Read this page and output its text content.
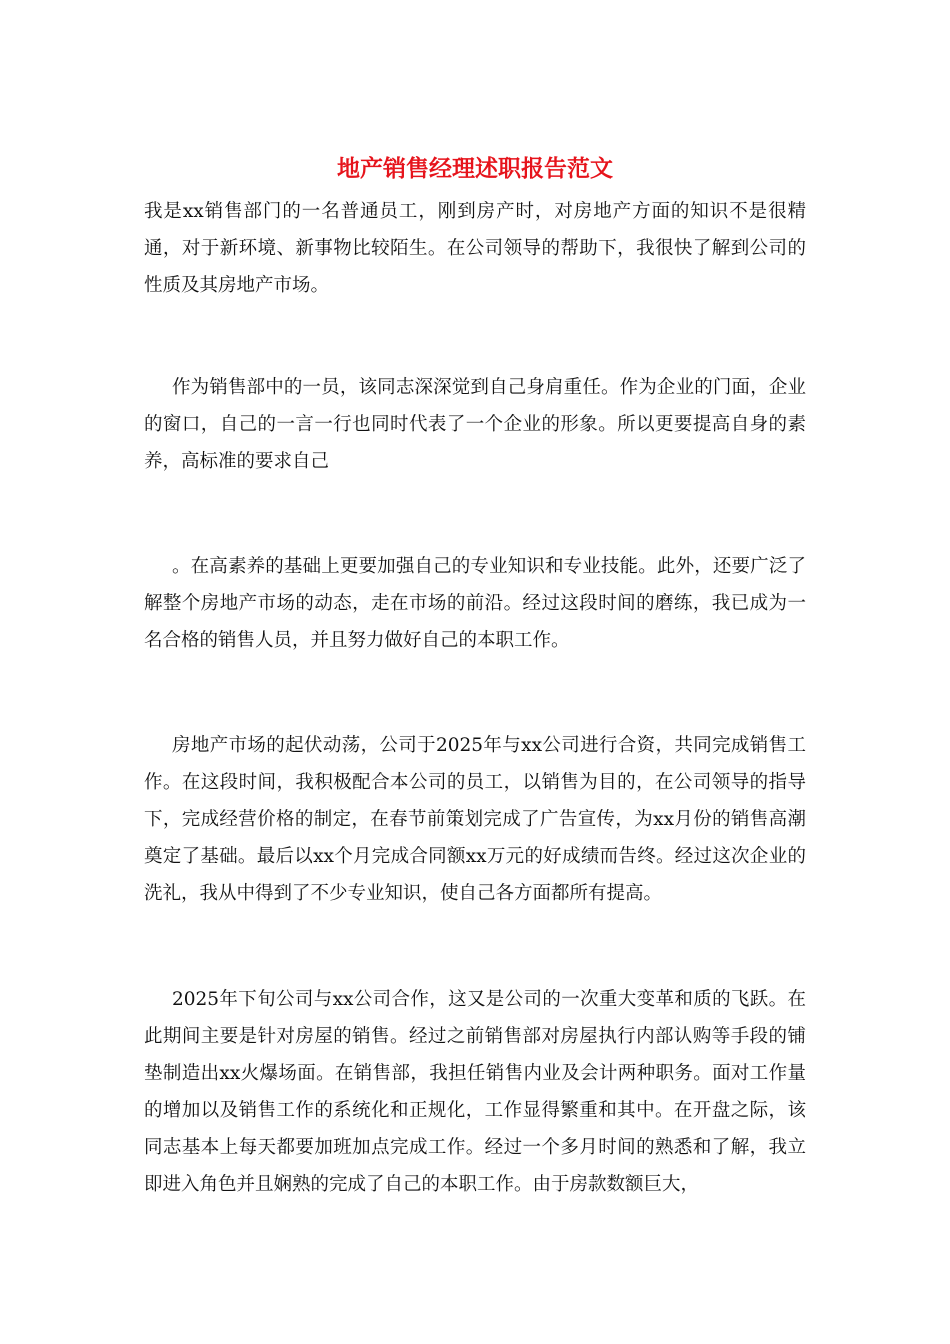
地产销售经理述职报告范文

我是xx销售部门的一名普通员工，刚到房产时，对房地产方面的知识不是很精通，对于新环境、新事物比较陌生。在公司领导的帮助下，我很快了解到公司的性质及其房地产市场。

作为销售部中的一员，该同志深深觉到自己身肩重任。作为企业的门面，企业的窗口，自己的一言一行也同时代表了一个企业的形象。所以更要提高自身的素养，高标准的要求自己

。在高素养的基础上更要加强自己的专业知识和专业技能。此外，还要广泛了解整个房地产市场的动态，走在市场的前沿。经过这段时间的磨练，我已成为一名合格的销售人员，并且努力做好自己的本职工作。

房地产市场的起伏动荡，公司于2025年与xx公司进行合资，共同完成销售工作。在这段时间，我积极配合本公司的员工，以销售为目的，在公司领导的指导下，完成经营价格的制定，在春节前策划完成了广告宣传，为xx月份的销售高潮奠定了基础。最后以xx个月完成合同额xx万元的好成绩而告终。经过这次企业的洗礼，我从中得到了不少专业知识，使自己各方面都所有提高。

2025年下旬公司与xx公司合作，这又是公司的一次重大变革和质的飞跃。在此期间主要是针对房屋的销售。经过之前销售部对房屋执行内部认购等手段的铺垫制造出xx火爆场面。在销售部，我担任销售内业及会计两种职务。面对工作量的增加以及销售工作的系统化和正规化，工作显得繁重和其中。在开盘之际，该同志基本上每天都要加班加点完成工作。经过一个多月时间的熟悉和了解，我立即进入角色并且娴熟的完成了自己的本职工作。由于房款数额巨大，
